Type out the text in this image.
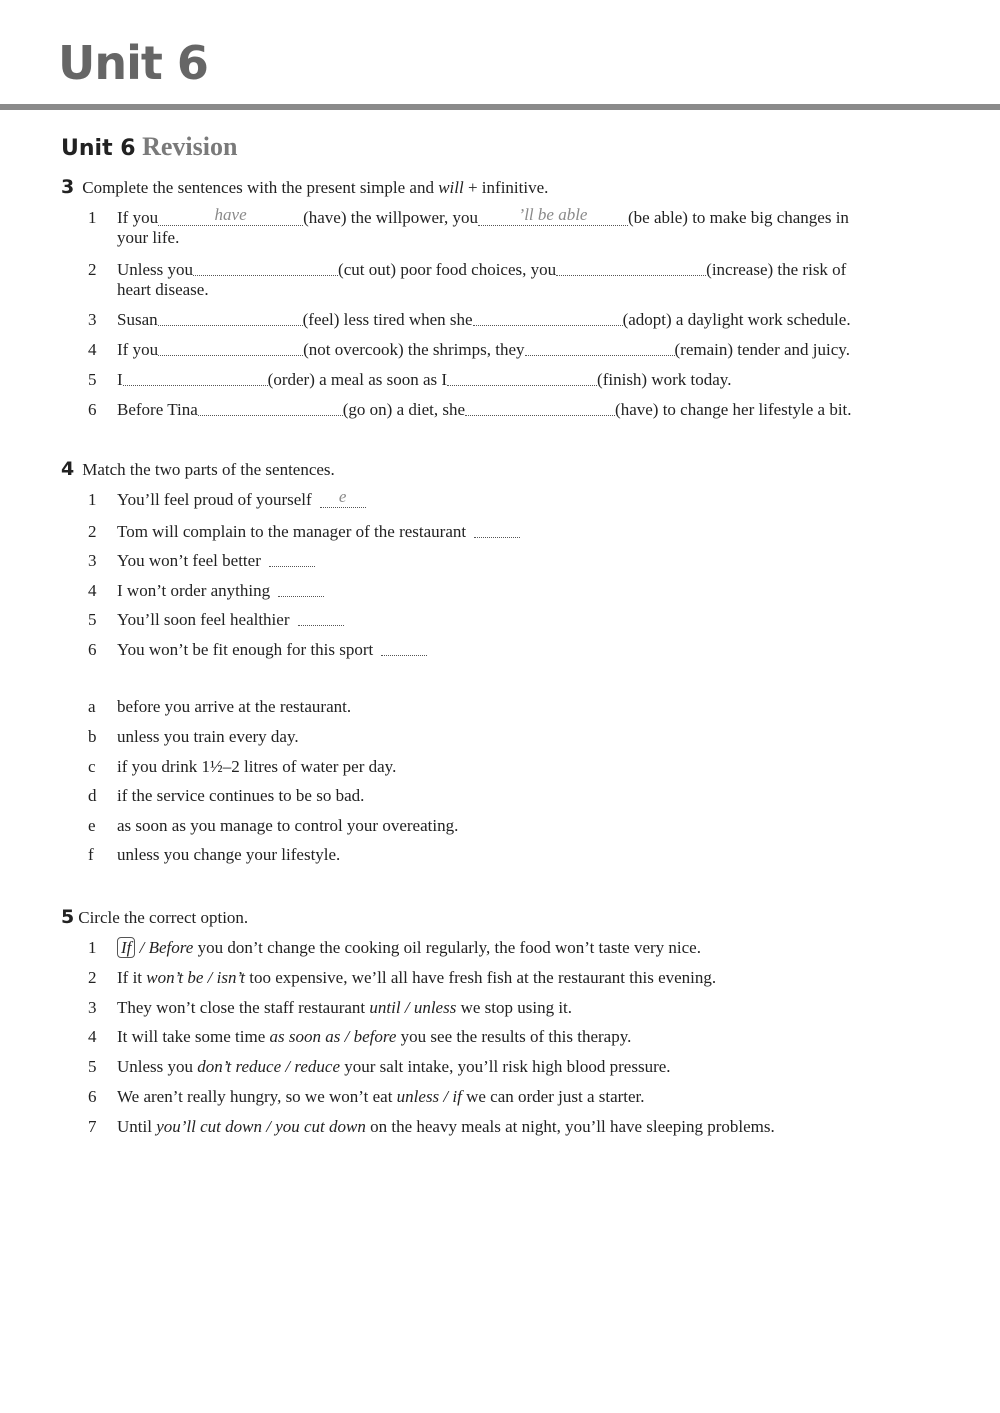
Unit 6
Unit 6 Revision
3 Complete the sentences with the present simple and will + infinitive.
1 If you	have	(have) the willpower, you ’ll be able (be able) to make big changes in
your life.
2 Unless you	(cut out) poor food choices, you	(increase) the risk of
heart disease.
3 Susan	(feel) less tired when she	(adopt) a daylight work schedule.
4 If you	(not overcook) the shrimps, they	(remain) tender and juicy.
5 I	(order) a meal as soon as I	(finish) work today.
6 Before Tina	(go on) a diet, she	(have) to change her lifestyle a bit.
4 Match the two parts of the sentences.
1 You’ll feel proud of yourself e
2 Tom will complain to the manager of the restaurant
3 You won’t feel better
4 I won’t order anything
5 You’ll soon feel healthier
6 You won’t be fit enough for this sport
a before you arrive at the restaurant.
b unless you train every day.
c if you drink 1½–2 litres of water per day.
d if the service continues to be so bad.
e as soon as you manage to control your overeating.
f unless you change your lifestyle.
5 Circle the correct option.
1 If / Before you don’t change the cooking oil regularly, the food won’t taste very nice.
2 If it won’t be / isn’t too expensive, we’ll all have fresh fish at the restaurant this evening.
3 They won’t close the staff restaurant until / unless we stop using it.
4 It will take some time as soon as / before you see the results of this therapy.
5 Unless you don’t reduce / reduce your salt intake, you’ll risk high blood pressure.
6 We aren’t really hungry, so we won’t eat unless / if we can order just a starter.
7 Until you’ll cut down / you cut down on the heavy meals at night, you’ll have sleeping problems.
